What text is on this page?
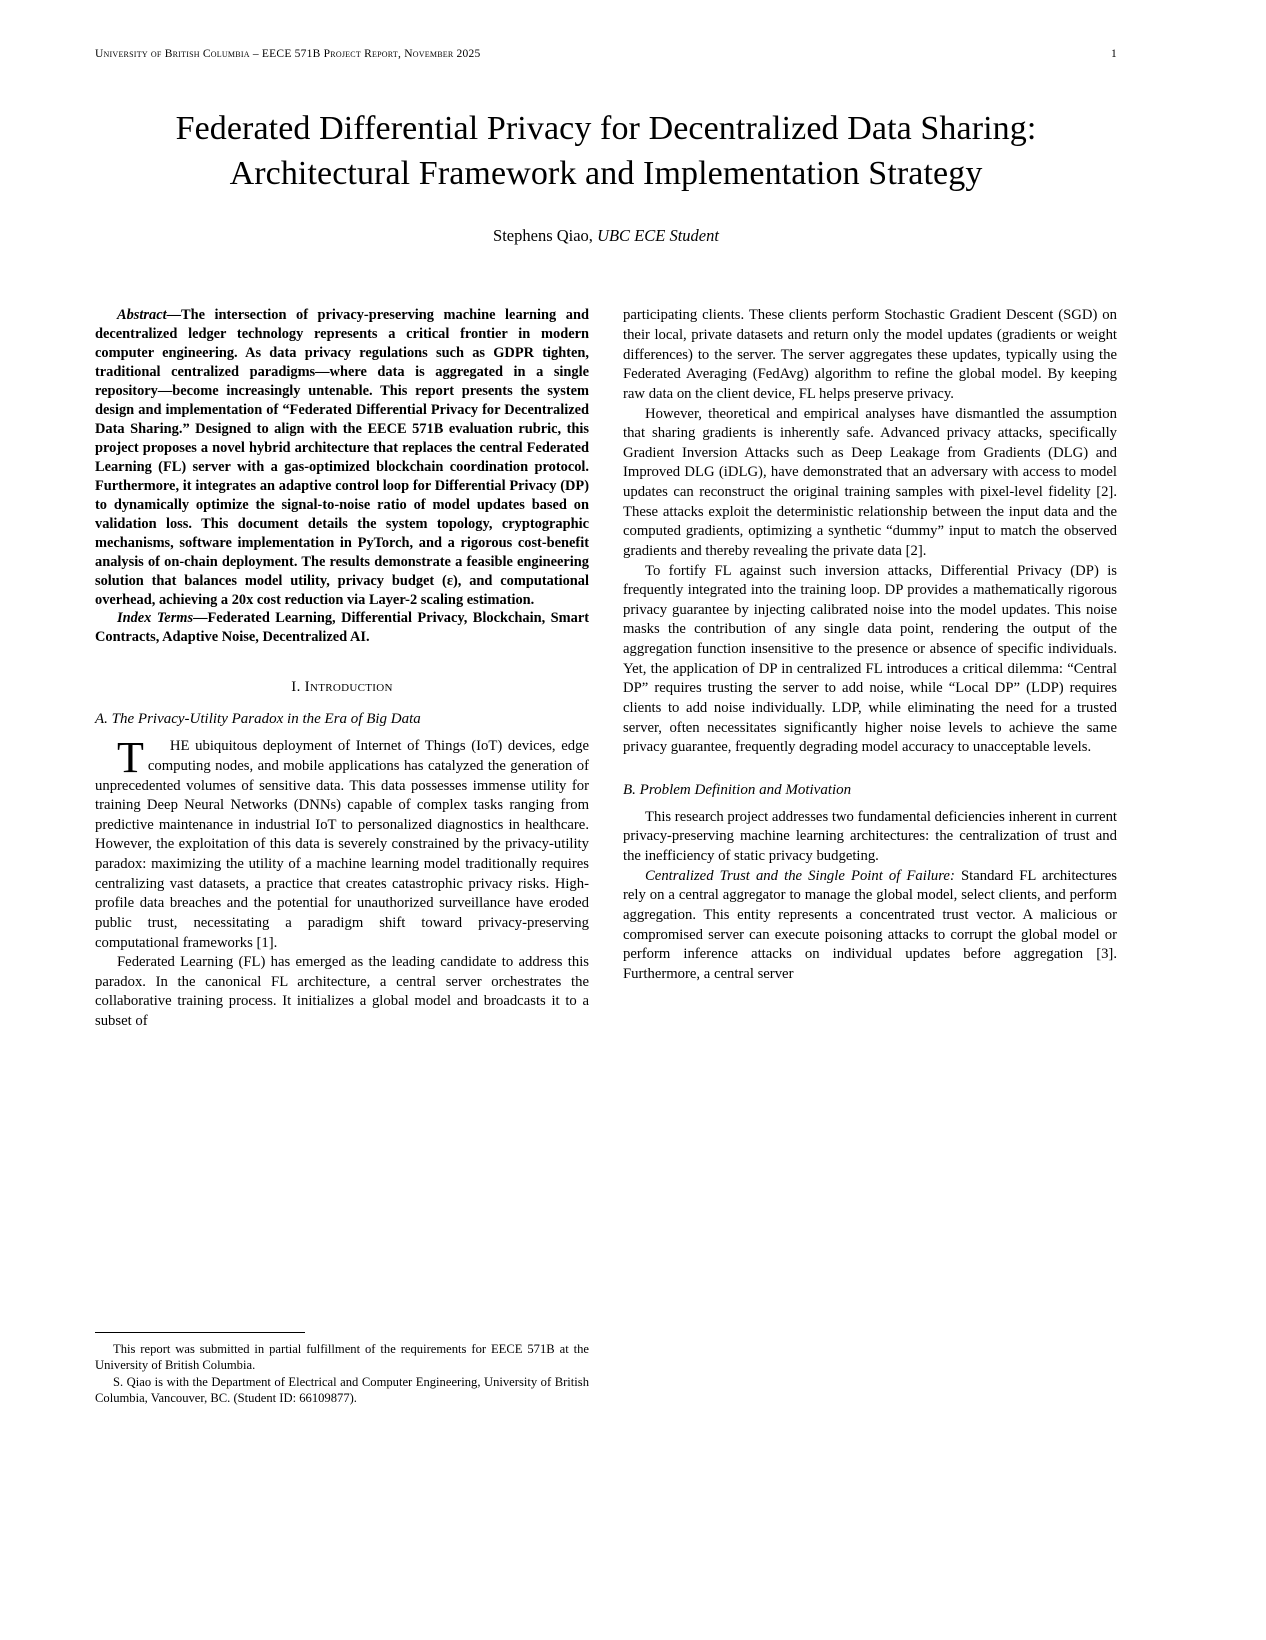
University of British Columbia – EECE 571B Project Report, November 2025	1
Federated Differential Privacy for Decentralized Data Sharing: Architectural Framework and Implementation Strategy
Stephens Qiao, UBC ECE Student

Abstract—The intersection of privacy-preserving machine learning and decentralized ledger technology represents a critical frontier in modern computer engineering. As data privacy regulations such as GDPR tighten, traditional centralized paradigms—where data is aggregated in a single repository—become increasingly untenable. This report presents the system design and implementation of “Federated Differential Privacy for Decentralized Data Sharing.” Designed to align with the EECE 571B evaluation rubric, this project proposes a novel hybrid architecture that replaces the central Federated Learning (FL) server with a gas-optimized blockchain coordination protocol. Furthermore, it integrates an adaptive control loop for Differential Privacy (DP) to dynamically optimize the signal-to-noise ratio of model updates based on validation loss. This document details the system topology, cryptographic mechanisms, software implementation in PyTorch, and a rigorous cost-benefit analysis of on-chain deployment. The results demonstrate a feasible engineering solution that balances model utility, privacy budget (ε), and computational overhead, achieving a 20x cost reduction via Layer-2 scaling estimation.

Index Terms—Federated Learning, Differential Privacy, Blockchain, Smart Contracts, Adaptive Noise, Decentralized AI.

I. Introduction
A. The Privacy-Utility Paradox in the Era of Big Data

T HE ubiquitous deployment of Internet of Things (IoT) devices, edge computing nodes, and mobile applications has catalyzed the generation of unprecedented volumes of sensitive data. This data possesses immense utility for training Deep Neural Networks (DNNs) capable of complex tasks ranging from predictive maintenance in industrial IoT to personalized diagnostics in healthcare. However, the exploitation of this data is severely constrained by the privacy-utility paradox: maximizing the utility of a machine learning model traditionally requires centralizing vast datasets, a practice that creates catastrophic privacy risks. High-profile data breaches and the potential for unauthorized surveillance have eroded public trust, necessitating a paradigm shift toward privacy-preserving computational frameworks [1].

Federated Learning (FL) has emerged as the leading candidate to address this paradox. In the canonical FL architecture, a central server orchestrates the collaborative training process. It initializes a global model and broadcasts it to a subset of

This report was submitted in partial fulfillment of the requirements for EECE 571B at the University of British Columbia.

S. Qiao is with the Department of Electrical and Computer Engineering, University of British Columbia, Vancouver, BC. (Student ID: 66109877).

participating clients. These clients perform Stochastic Gradient Descent (SGD) on their local, private datasets and return only the model updates (gradients or weight differences) to the server. The server aggregates these updates, typically using the Federated Averaging (FedAvg) algorithm to refine the global model. By keeping raw data on the client device, FL helps preserve privacy.

However, theoretical and empirical analyses have dismantled the assumption that sharing gradients is inherently safe. Advanced privacy attacks, specifically Gradient Inversion Attacks such as Deep Leakage from Gradients (DLG) and Improved DLG (iDLG), have demonstrated that an adversary with access to model updates can reconstruct the original training samples with pixel-level fidelity [2]. These attacks exploit the deterministic relationship between the input data and the computed gradients, optimizing a synthetic “dummy” input to match the observed gradients and thereby revealing the private data [2].

To fortify FL against such inversion attacks, Differential Privacy (DP) is frequently integrated into the training loop. DP provides a mathematically rigorous privacy guarantee by injecting calibrated noise into the model updates. This noise masks the contribution of any single data point, rendering the output of the aggregation function insensitive to the presence or absence of specific individuals. Yet, the application of DP in centralized FL introduces a critical dilemma: “Central DP” requires trusting the server to add noise, while “Local DP” (LDP) requires clients to add noise individually. LDP, while eliminating the need for a trusted server, often necessitates significantly higher noise levels to achieve the same privacy guarantee, frequently degrading model accuracy to unacceptable levels.

B. Problem Definition and Motivation

This research project addresses two fundamental deficiencies inherent in current privacy-preserving machine learning architectures: the centralization of trust and the inefficiency of static privacy budgeting.

Centralized Trust and the Single Point of Failure: Standard FL architectures rely on a central aggregator to manage the global model, select clients, and perform aggregation. This entity represents a concentrated trust vector. A malicious or compromised server can execute poisoning attacks to corrupt the global model or perform inference attacks on individual updates before aggregation [3]. Furthermore, a central server
